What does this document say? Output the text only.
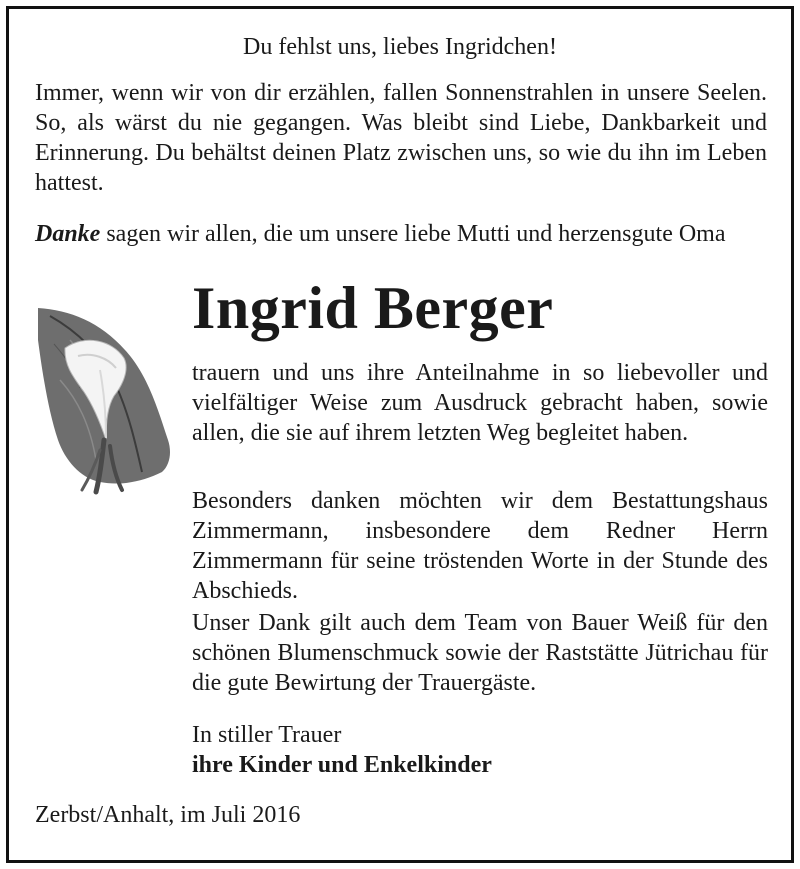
Du fehlst uns, liebes Ingridchen!

Immer, wenn wir von dir erzählen, fallen Sonnenstrahlen in unsere Seelen. So, als wärst du nie gegangen. Was bleibt sind Liebe, Dankbarkeit und Erinnerung. Du behältst deinen Platz zwischen uns, so wie du ihn im Leben hattest.

Danke sagen wir allen, die um unsere liebe Mutti und herzensgute Oma

Ingrid Berger

trauern und uns ihre Anteilnahme in so liebevoller und vielfältiger Weise zum Ausdruck gebracht haben, sowie allen, die sie auf ihrem letzten Weg begleitet haben.

Besonders danken möchten wir dem Bestattungshaus Zimmermann, insbesondere dem Redner Herrn Zimmermann für seine tröstenden Worte in der Stunde des Abschieds.

Unser Dank gilt auch dem Team von Bauer Weiß für den schönen Blumenschmuck sowie der Raststätte Jütrichau für die gute Bewirtung der Trauergäste.

In stiller Trauer

ihre Kinder und Enkelkinder

Zerbst/Anhalt, im Juli 2016
